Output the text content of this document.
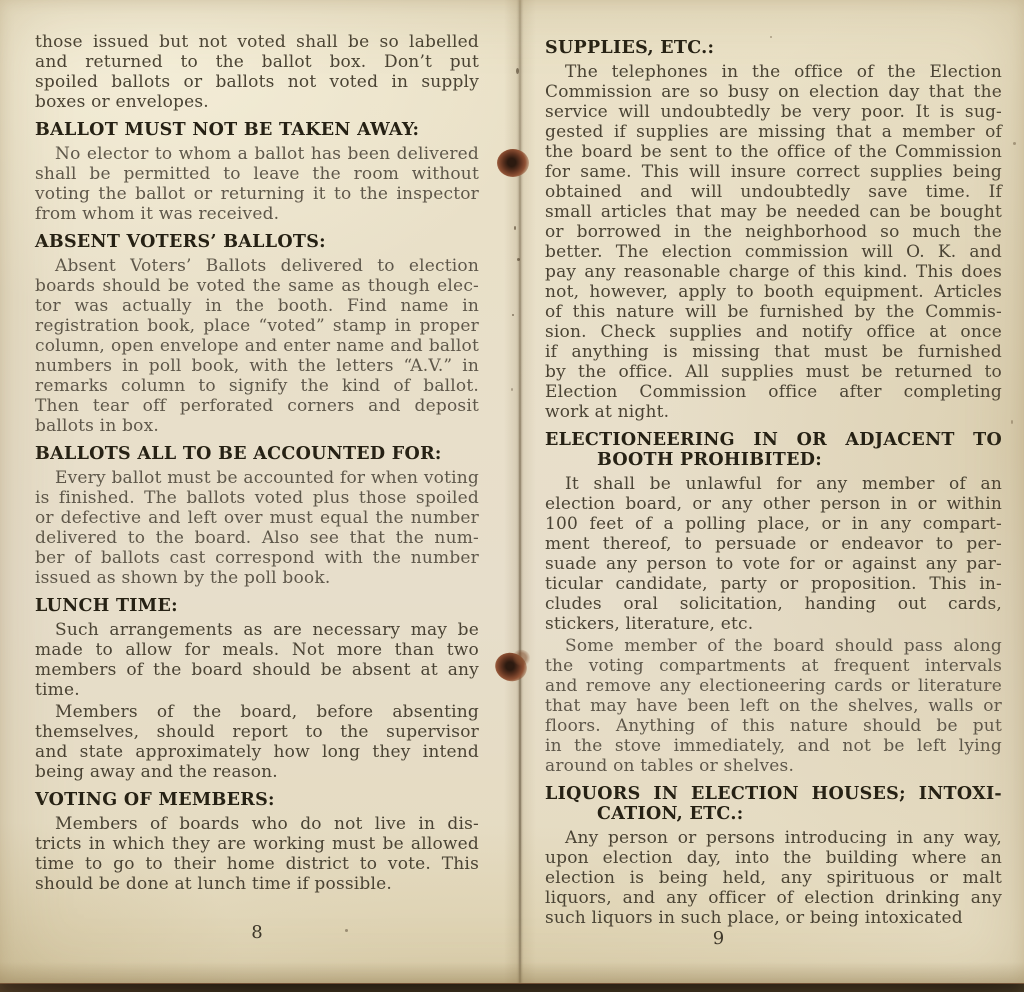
those issued but not voted shall be so labelled
and returned to the ballot box. Don’t put
spoiled ballots or ballots not voted in supply
boxes or envelopes.
BALLOT MUST NOT BE TAKEN AWAY:
No elector to whom a ballot has been delivered
shall be permitted to leave the room without
voting the ballot or returning it to the inspector
from whom it was received.
ABSENT VOTERS’ BALLOTS:
Absent Voters’ Ballots delivered to election
boards should be voted the same as though elec-
tor was actually in the booth. Find name in
registration book, place “voted” stamp in proper
column, open envelope and enter name and ballot
numbers in poll book, with the letters “A.V.” in
remarks column to signify the kind of ballot.
Then tear off perforated corners and deposit
ballots in box.
BALLOTS ALL TO BE ACCOUNTED FOR:
Every ballot must be accounted for when voting
is finished. The ballots voted plus those spoiled
or defective and left over must equal the number
delivered to the board. Also see that the num-
ber of ballots cast correspond with the number
issued as shown by the poll book.
LUNCH TIME:
Such arrangements as are necessary may be
made to allow for meals. Not more than two
members of the board should be absent at any
time.
Members of the board, before absenting
themselves, should report to the supervisor
and state approximately how long they intend
being away and the reason.
VOTING OF MEMBERS:
Members of boards who do not live in dis-
tricts in which they are working must be allowed
time to go to their home district to vote. This
should be done at lunch time if possible.
SUPPLIES, ETC.:
The telephones in the office of the Election
Commission are so busy on election day that the
service will undoubtedly be very poor. It is sug-
gested if supplies are missing that a member of
the board be sent to the office of the Commission
for same. This will insure correct supplies being
obtained and will undoubtedly save time. If
small articles that may be needed can be bought
or borrowed in the neighborhood so much the
better. The election commission will O. K. and
pay any reasonable charge of this kind. This does
not, however, apply to booth equipment. Articles
of this nature will be furnished by the Commis-
sion. Check supplies and notify office at once
if anything is missing that must be furnished
by the office. All supplies must be returned to
Election Commission office after completing
work at night.
ELECTIONEERING IN OR ADJACENT TO
BOOTH PROHIBITED:
It shall be unlawful for any member of an
election board, or any other person in or within
100 feet of a polling place, or in any compart-
ment thereof, to persuade or endeavor to per-
suade any person to vote for or against any par-
ticular candidate, party or proposition. This in-
cludes oral solicitation, handing out cards,
stickers, literature, etc.
Some member of the board should pass along
the voting compartments at frequent intervals
and remove any electioneering cards or literature
that may have been left on the shelves, walls or
floors. Anything of this nature should be put
in the stove immediately, and not be left lying
around on tables or shelves.
LIQUORS IN ELECTION HOUSES; INTOXI-
CATION, ETC.:
Any person or persons introducing in any way,
upon election day, into the building where an
election is being held, any spirituous or malt
liquors, and any officer of election drinking any
such liquors in such place, or being intoxicated
8	9
